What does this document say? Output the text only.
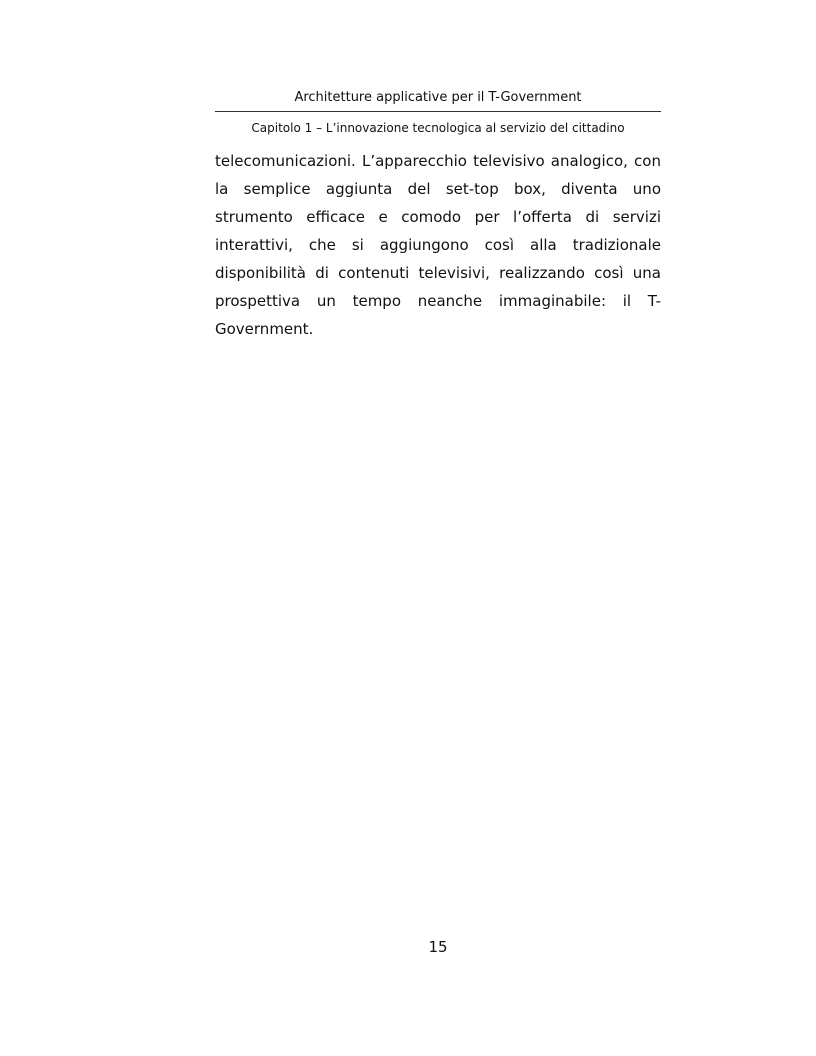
Architetture applicative per il T-Government
Capitolo 1 – L’innovazione tecnologica al servizio del cittadino
telecomunicazioni. L’apparecchio televisivo analogico, con
la semplice aggiunta del set-top box, diventa uno
strumento efficace e comodo per l’offerta di servizi
interattivi, che si aggiungono così alla tradizionale
disponibilità di contenuti televisivi, realizzando così una
prospettiva un tempo neanche immaginabile: il T-
Government.
15
